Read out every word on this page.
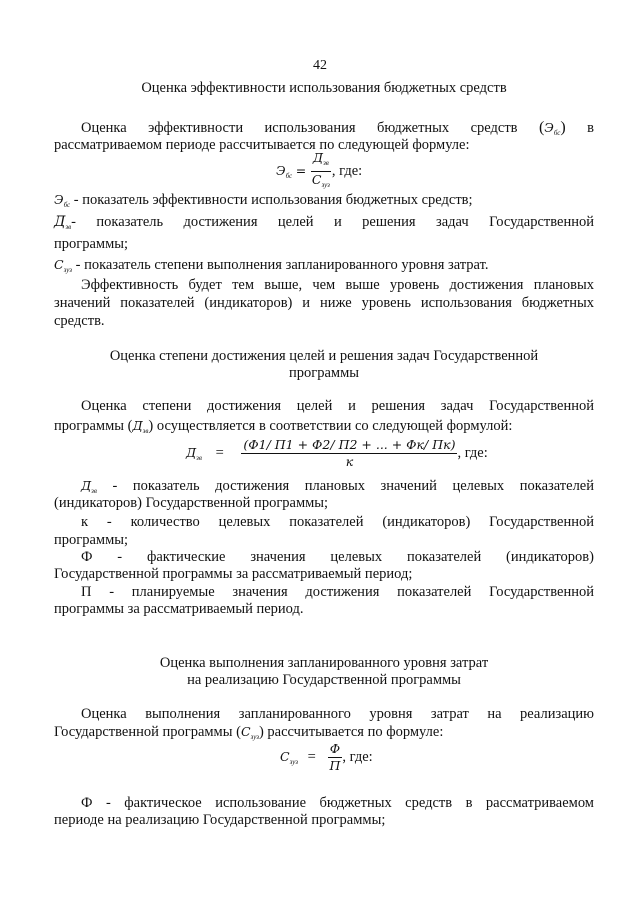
42
Оценка эффективности использования бюджетных средств
Оценка эффективности использования бюджетных средств $(Э_{бс})$ в
рассматриваемом периоде рассчитывается по следующей формуле:
$Э_{бс} = \frac{Д_{зв}}{С_{зуз}}$ , где:
$Э_{бс}$ - показатель эффективности использования бюджетных средств;
$Д_{зв}-$ показатель достижения целей и решения задач Государственной
программы;
$С_{зуз}$ - показатель степени выполнения запланированного уровня затрат.
Эффективность будет тем выше, чем выше уровень достижения плановых
значений показателей (индикаторов) и ниже уровень использования бюджетных
средств.
Оценка степени достижения целей и решения задач Государственной
программы
Оценка степени достижения целей и решения задач Государственной
программы $(Д_{зв})$ осуществляется в соответствии со следующей формулой:
$Д_{зв} = \frac{(Ф1/ П1 + Ф2/ П2 + ... + Фк/ Пк)}{к}$ , где:
$Д_{зв}$ - показатель достижения плановых значений целевых показателей
(индикаторов) Государственной программы;
к - количество целевых показателей (индикаторов) Государственной
программы;
Ф - фактические значения целевых показателей (индикаторов)
Государственной программы за рассматриваемый период;
П - планируемые значения достижения показателей Государственной
программы за рассматриваемый период.
Оценка выполнения запланированного уровня затрат
на реализацию Государственной программы
Оценка выполнения запланированного уровня затрат на реализацию
Государственной программы $(С_{зуз})$ рассчитывается по формуле:
$С_{зуз} = \frac{Ф}{П}$ , где:
Ф - фактическое использование бюджетных средств в рассматриваемом
периоде на реализацию Государственной программы;
